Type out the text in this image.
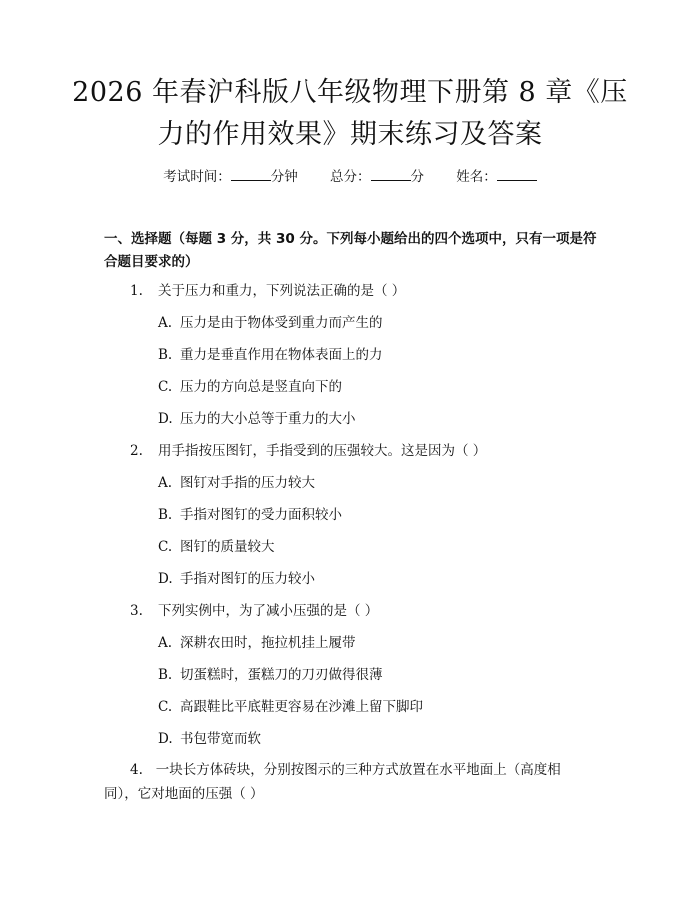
2026 年春沪科版八年级物理下册第 8 章《压力的作用效果》期末练习及答案
考试时间：	分钟 总分：	分 姓名：
一、选择题（每题 3 分，共 30 分。下列每小题给出的四个选项中，只有一项是符合题目要求的）
1. 关于压力和重力，下列说法正确的是（ ）
A. 压力是由于物体受到重力而产生的
B. 重力是垂直作用在物体表面上的力
C. 压力的方向总是竖直向下的
D. 压力的大小总等于重力的大小
2. 用手指按压图钉，手指受到的压强较大。这是因为（ ）
A. 图钉对手指的压力较大
B. 手指对图钉的受力面积较小
C. 图钉的质量较大
D. 手指对图钉的压力较小
3. 下列实例中，为了减小压强的是（ ）
A. 深耕农田时，拖拉机挂上履带
B. 切蛋糕时，蛋糕刀的刀刃做得很薄
C. 高跟鞋比平底鞋更容易在沙滩上留下脚印
D. 书包带宽而软
4. 一块长方体砖块，分别按图示的三种方式放置在水平地面上（高度相同），它对地面的压强（ ）
